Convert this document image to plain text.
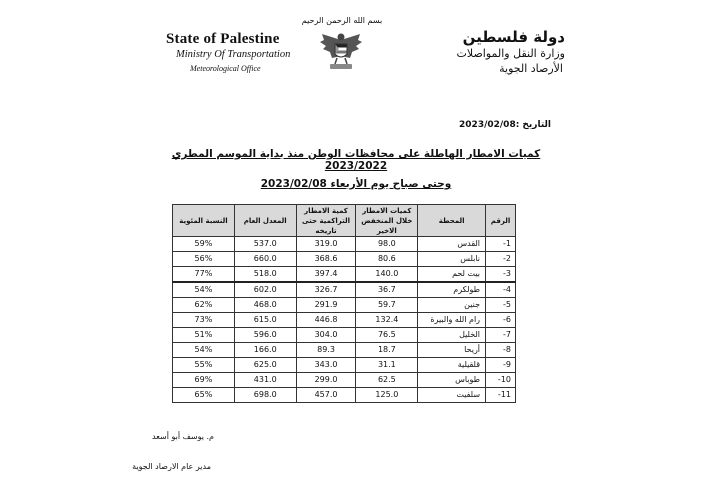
بسم الله الرحمن الرحيم
State of Palestine
Ministry Of Transportation
Meteorological Office
دولة فلسطين
وزارة النقل والمواصلات
الأرصاد الجوية
التاريخ :2023/02/08
كميات الامطار الهاطلة على محافظات الوطن منذ بداية الموسم المطري 2023/2022
وحتى صباح يوم الأربعاء 2023/02/08
الرقم	المحطة	كميات الامطار خلال المنخفض الاخير	كمية الامطار التراكمية حتى تاريخه	المعدل العام	النسبة المئوية
1-	القدس	98.0	319.0	537.0	59%
2-	نابلس	80.6	368.6	660.0	56%
3-	بيت لحم	140.0	397.4	518.0	77%
4-	طولكرم	36.7	326.7	602.0	54%
5-	جنين	59.7	291.9	468.0	62%
6-	رام الله والبيرة	132.4	446.8	615.0	73%
7-	الخليل	76.5	304.0	596.0	51%
8-	أريحا	18.7	89.3	166.0	54%
9-	قلقيلية	31.1	343.0	625.0	55%
10-	طوباس	62.5	299.0	431.0	69%
11-	سلفيت	125.0	457.0	698.0	65%
م. يوسف أبو أسعد
مدير عام الارصاد الجوية
